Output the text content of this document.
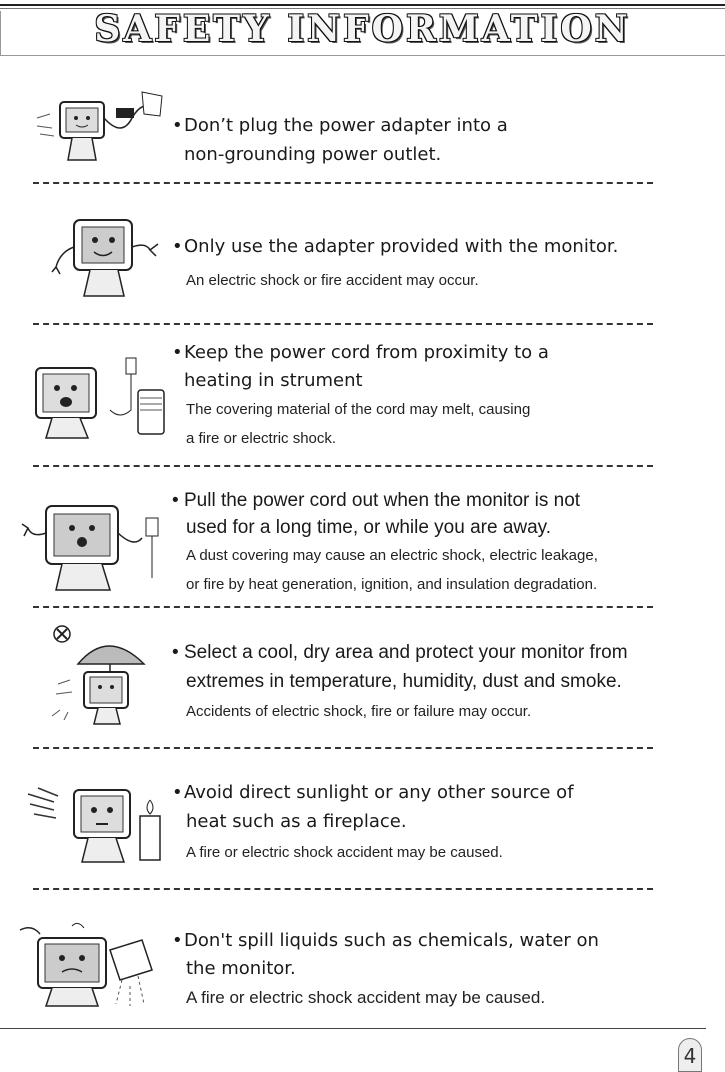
SAFETY INFORMATION
•Don’t plug the power adapter into a
non-grounding power outlet.
•Only use the adapter provided with the monitor.
An electric shock or fire accident may occur.
•Keep the power cord from proximity to a
heating in strument
The covering material of the cord may melt, causing
a fire or electric shock.
• Pull the power cord out when the monitor is not
used for a long time, or while you are away.
A dust covering may cause an electric shock, electric leakage,
or fire by heat generation, ignition, and insulation degradation.
• Select a cool, dry area and protect your monitor from
extremes in temperature, humidity, dust and smoke.
Accidents of electric shock, fire or failure may occur.
•Avoid direct sunlight or any other source of
heat such as a fireplace.
A fire or electric shock accident may be caused.
•Don't spill liquids such as chemicals, water on
the monitor.
A fire or electric shock accident may be caused.
4
